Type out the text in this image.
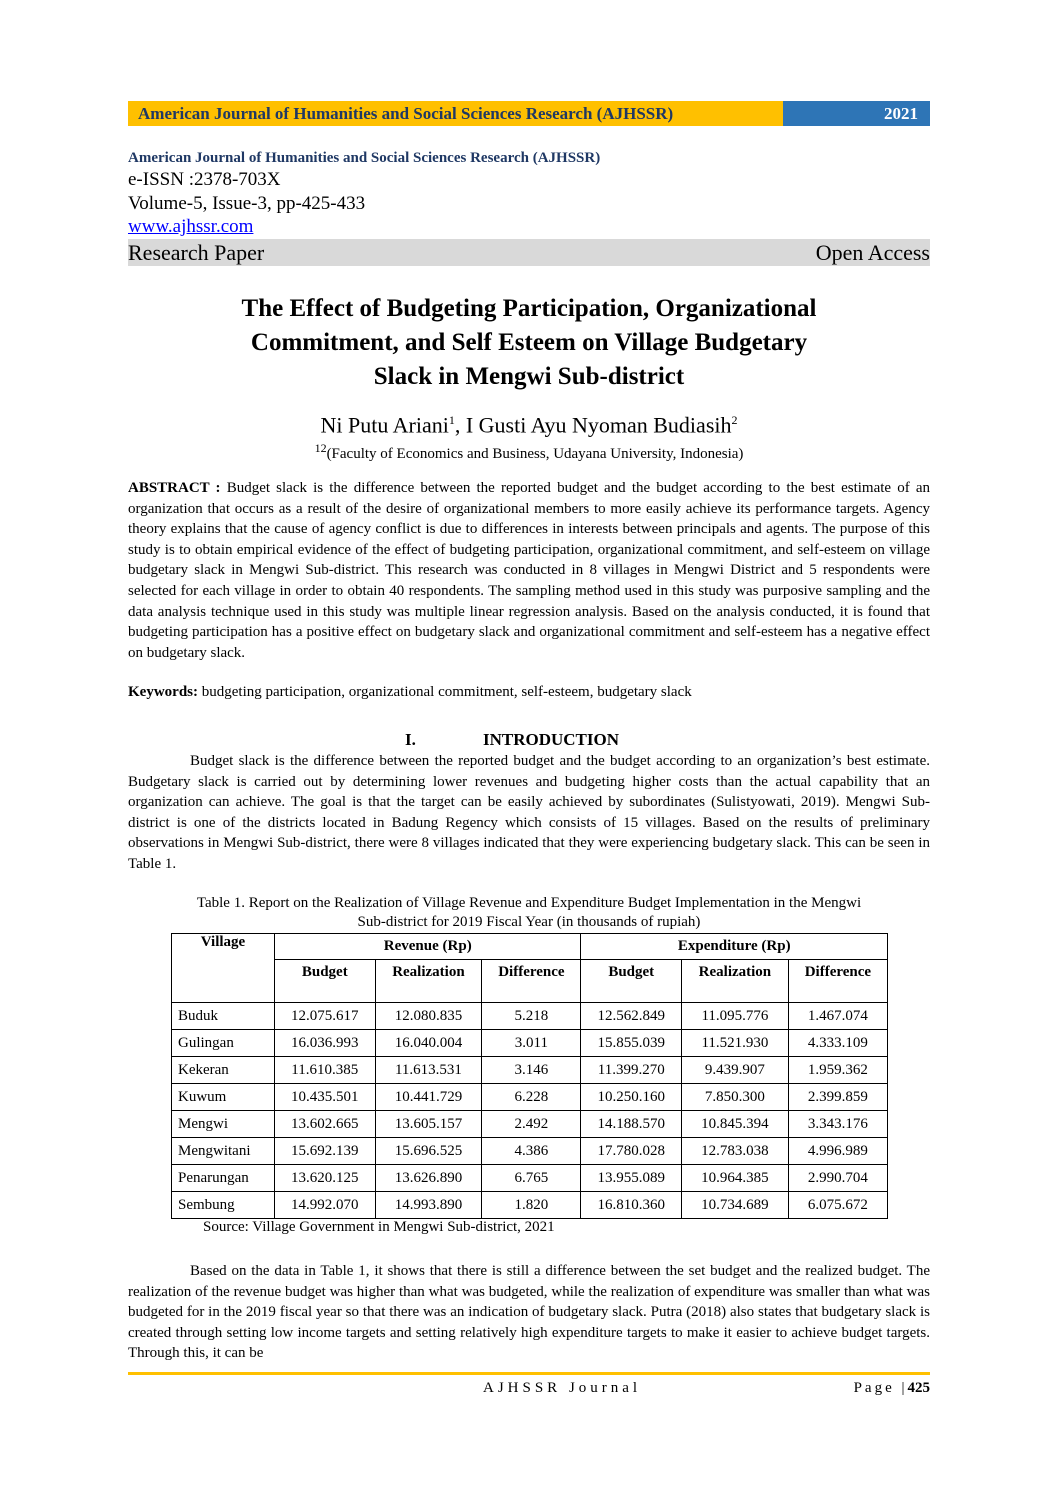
American Journal of Humanities and Social Sciences Research (AJHSSR)	2021
American Journal of Humanities and Social Sciences Research (AJHSSR)
e-ISSN :2378-703X
Volume-5, Issue-3, pp-425-433
www.ajhssr.com
Research Paper	Open Access
The Effect of Budgeting Participation, Organizational
Commitment, and Self Esteem on Village Budgetary
Slack in Mengwi Sub-district
Ni Putu Ariani$^1$, I Gusti Ayu Nyoman Budiasih$^2$
$^{12}$(Faculty of Economics and Business, Udayana University, Indonesia)
ABSTRACT : Budget slack is the difference between the reported budget and the budget according to the best estimate of an organization that occurs as a result of the desire of organizational members to more easily achieve its performance targets. Agency theory explains that the cause of agency conflict is due to differences in interests between principals and agents. The purpose of this study is to obtain empirical evidence of the effect of budgeting participation, organizational commitment, and self-esteem on village budgetary slack in Mengwi Sub-district. This research was conducted in 8 villages in Mengwi District and 5 respondents were selected for each village in order to obtain 40 respondents. The sampling method used in this study was purposive sampling and the data analysis technique used in this study was multiple linear regression analysis. Based on the analysis conducted, it is found that budgeting participation has a positive effect on budgetary slack and organizational commitment and self-esteem has a negative effect on budgetary slack.
Keywords: budgeting participation, organizational commitment, self-esteem, budgetary slack
I.	INTRODUCTION
Budget slack is the difference between the reported budget and the budget according to an organization’s best estimate. Budgetary slack is carried out by determining lower revenues and budgeting higher costs than the actual capability that an organization can achieve. The goal is that the target can be easily achieved by subordinates (Sulistyowati, 2019). Mengwi Sub-district is one of the districts located in Badung Regency which consists of 15 villages. Based on the results of preliminary observations in Mengwi Sub-district, there were 8 villages indicated that they were experiencing budgetary slack. This can be seen in Table 1.
Table 1. Report on the Realization of Village Revenue and Expenditure Budget Implementation in the Mengwi
Sub-district for 2019 Fiscal Year (in thousands of rupiah)
Village	Revenue (Rp)			Expenditure (Rp)		
	Budget	Realization	Difference	Budget	Realization	Difference
Buduk	12.075.617	12.080.835	5.218	12.562.849	11.095.776	1.467.074
Gulingan	16.036.993	16.040.004	3.011	15.855.039	11.521.930	4.333.109
Kekeran	11.610.385	11.613.531	3.146	11.399.270	9.439.907	1.959.362
Kuwum	10.435.501	10.441.729	6.228	10.250.160	7.850.300	2.399.859
Mengwi	13.602.665	13.605.157	2.492	14.188.570	10.845.394	3.343.176
Mengwitani	15.692.139	15.696.525	4.386	17.780.028	12.783.038	4.996.989
Penarungan	13.620.125	13.626.890	6.765	13.955.089	10.964.385	2.990.704
Sembung	14.992.070	14.993.890	1.820	16.810.360	10.734.689	6.075.672
Source: Village Government in Mengwi Sub-district, 2021
Based on the data in Table 1, it shows that there is still a difference between the set budget and the realized budget. The realization of the revenue budget was higher than what was budgeted, while the realization of expenditure was smaller than what was budgeted for in the 2019 fiscal year so that there was an indication of budgetary slack. Putra (2018) also states that budgetary slack is created through setting low income targets and setting relatively high expenditure targets to make it easier to achieve budget targets. Through this, it can be
AJHSSR Journal	Page |425
